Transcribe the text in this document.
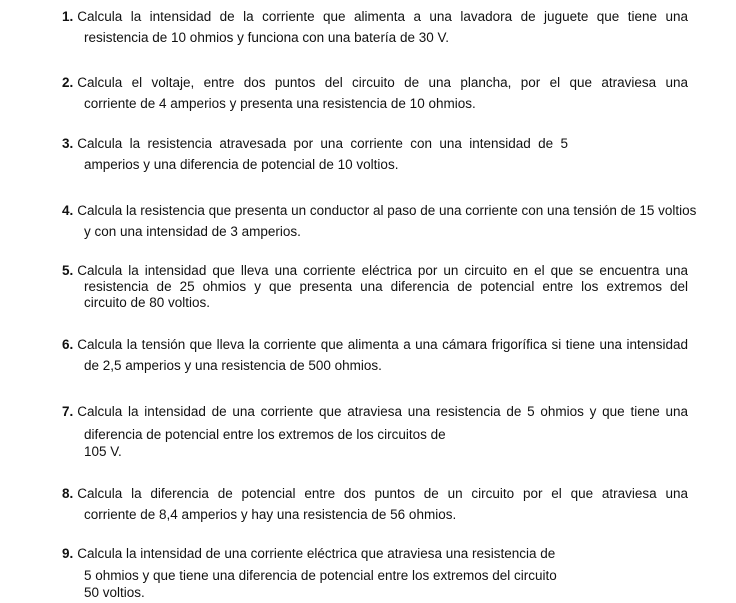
1. Calcula la intensidad de la corriente que alimenta a una lavadora de juguete que tiene una
resistencia de 10 ohmios y funciona con una batería de 30 V.
2. Calcula el voltaje, entre dos puntos del circuito de una plancha, por el que atraviesa una
corriente de 4 amperios y presenta una resistencia de 10 ohmios.
3. Calcula la resistencia atravesada por una corriente con una intensidad de 5
amperios y una diferencia de potencial de 10 voltios.
4. Calcula la resistencia que presenta un conductor al paso de una corriente con una tensión de 15 voltios
y con una intensidad de 3 amperios.
5. Calcula la intensidad que lleva una corriente eléctrica por un circuito en el que se encuentra una
resistencia de 25 ohmios y que presenta una diferencia de potencial entre los extremos del
circuito de 80 voltios.
6. Calcula la tensión que lleva la corriente que alimenta a una cámara frigorífica si tiene una intensidad
de 2,5 amperios y una resistencia de 500 ohmios.
7. Calcula la intensidad de una corriente que atraviesa una resistencia de 5 ohmios y que tiene una
diferencia de potencial entre los extremos de los circuitos de
105 V.
8. Calcula la diferencia de potencial entre dos puntos de un circuito por el que atraviesa una
corriente de 8,4 amperios y hay una resistencia de 56 ohmios.
9. Calcula la intensidad de una corriente eléctrica que atraviesa una resistencia de
5 ohmios y que tiene una diferencia de potencial entre los extremos del circuito
50 voltios.
